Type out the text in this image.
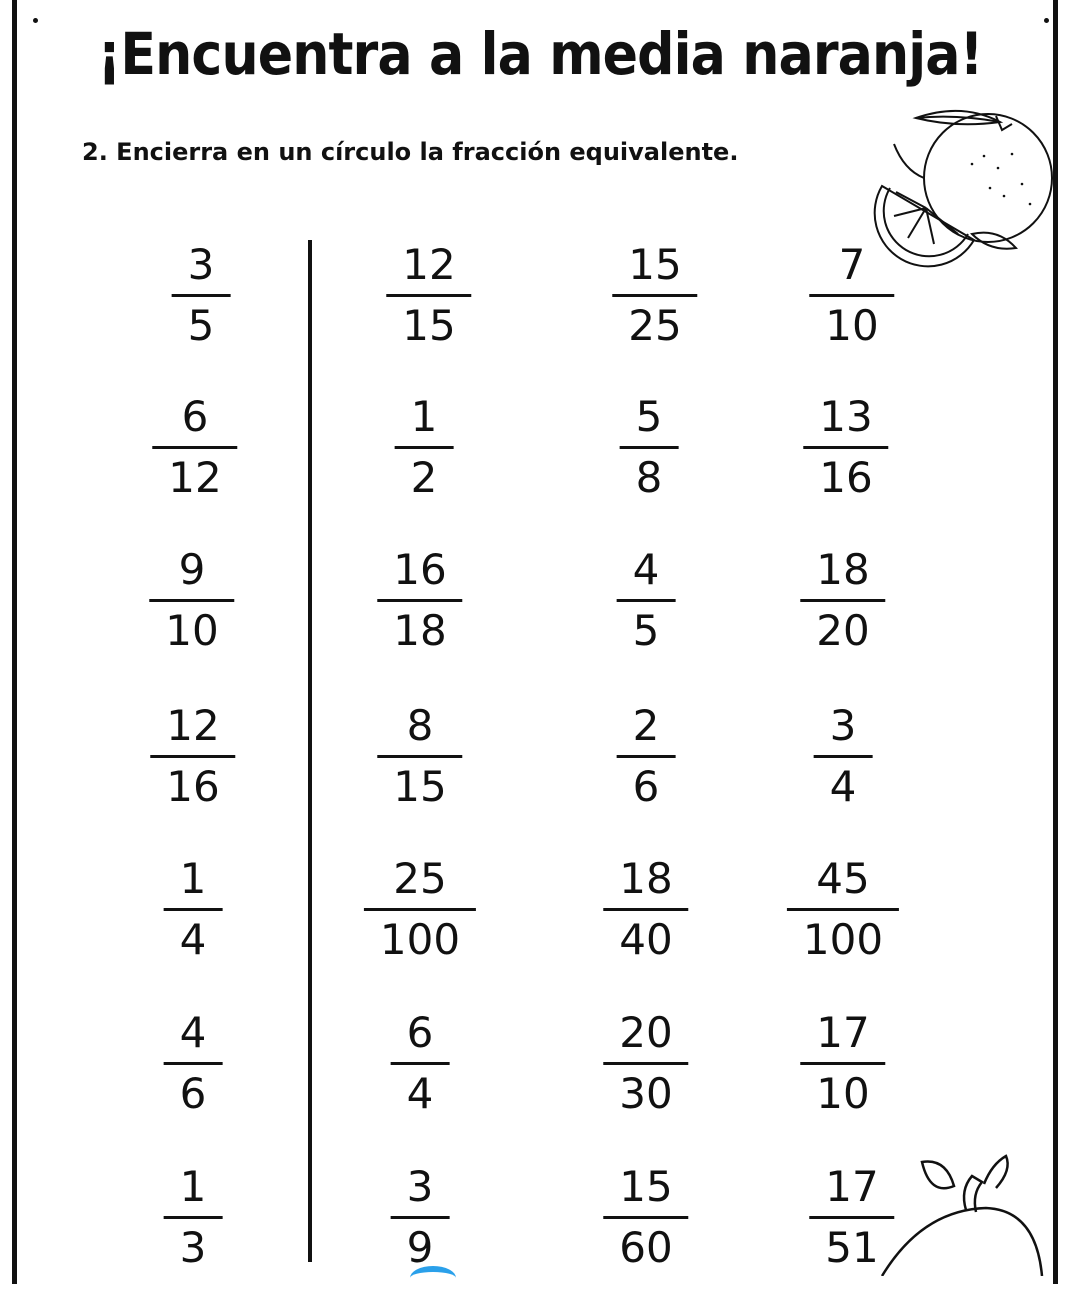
¡Encuentra a la media naranja!

2. Encierra en un círculo la fracción equivalente.

3
5
12
15
15
25
7
10
6
12
1
2
5
8
13
16
9
10
16
18
4
5
18
20
12
16
8
15
2
6
3
4
1
4
25
100
18
40
45
100
4
6
6
4
20
30
17
10
1
3
3
9
15
60
17
51
